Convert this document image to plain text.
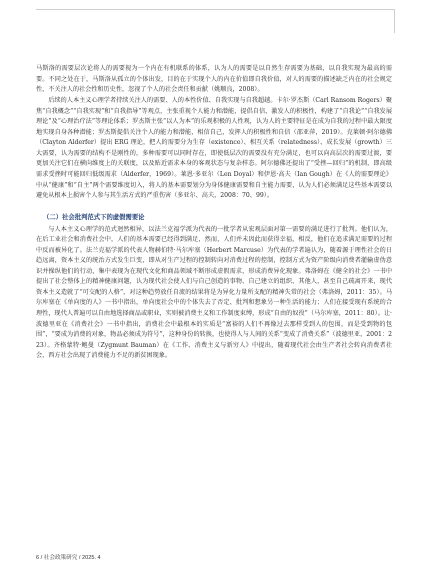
马斯洛的需要层次论将人的需要视为一个内在有机联系的体系，认为人的需要是以自然生存需要为基础，以自我实现为最高的需要。不同之处在于，马斯洛从孤立的个体出发，目的在于实现个人的内在价值即自我价值，对人的需要的描述缺乏内在的社会规定性，不关注人的社会性和历史性，忽视了个人的社会责任和贡献（姚顺良，2008）。

后续的人本主义心理学者持续关注人的需要、人的本性价值、自我实现与自我超越。卡尔·罗杰斯（Carl Ransom Rogers）聚焦“自我概念”“自我实现”和“自我指导”等观点，主张重视个人能力和潜能，提倡自信、激发人的积极性，构建了“自我论”“自我发展理论”及“心理治疗法”等理论体系；罗杰斯主张“以人为本”的乐观积极的人性观，认为人的主要特征是在成为自我的过程中最大限度地实现自身各种潜能；罗杰斯提倡关注个人的能力和潜能，相信自己，发挥人的积极性和自信（邵亚萍，2019）。克莱顿·阿尔德佛（Clayton Alderfer）提出 ERG 理论，把人的需要分为生存（existence）、相互关系（relatedness）、成长发展（growth）三大需要，认为需要的结构不是刚性的，多种需要可以同时存在，即使低层次的需要没有充分满足，也可以向高层次的需要过渡，要更加关注它们在横向维度上的关联度，以及贴近需求本身的客观状态与复杂样态。阿尔德佛还提出了“受挫—回归”的机制，即高级需求受挫时可能回归低级需求（Alderfer，1969）。莱恩·多亚尔（Len Doyal）和伊恩·高夫（Ian Gough）在《人的需要理论》中从“健康”和“自主”两个需要维度切入，将人的基本需要划分为身体健康需要和自主能力需要，认为人们必须满足这些基本需要以避免从根本上损害个人参与其生活方式的严重伤害（多亚尔、高夫，2008：70、99）。

（二）社会批判范式下的虚假需要论

与人本主义心理学的范式迥然相异，以法兰克福学派为代表的一批学者从宏观层面对第一需要的满足进行了批判。他们认为，在后工业社会和消费社会中，人们的基本需要已经得到满足，然而，人们并未因此而获得幸福，相反，他们在追求满足需要的过程中反而被异化了。法兰克福学派的代表人物赫伯特·马尔库塞（Herbert Marcuse）为代表的学者遍认为，随着源于理性社会的日趋远离，资本主义的统治方式发生巨变，即从对生产过程的控制转向对消费过程的控制，控制方式为资产阶级向消费者灌输虚伪意识并操纵他们的行动，集中表现为在现代文化和商品领域不断形成虚假需求，形成消费异化现象。弗洛姆在《健全的社会》一书中提出了社会整体上的精神健康问题，认为现代社会使人们与自己创造的事物、自己建立的组织、其他人，甚至自己疏离开来，现代资本主义造就了“可交配的人格”，对这种趋势放任自流的结果将是为异化力量所支配的精神失常的社会（弗洛姆，2011：35）。马尔库塞在《单向度的人》一书中指出，单向度社会中的个体失去了否定、批判和想象另一种生活的能力；人们在接受现有系统的合理性，现代人普遍可以自由地选择商品或职业，实则被消费主义和工作制度束缚，形成“自由的奴役”（马尔库塞，2011：80）。让·波德里亚在《消费社会》一书中指出，消费社会中最根本的实质是“富裕的人们不再像过去那样受到人的包围，而是受到物的包围”，“要成为消费的对象，物品必须成为符号”，这种身份的转换，也使得人与人间的关系“变成了消费关系”（波德里亚，2001：223）。齐格蒙特·鲍曼（Zygmunt Bauman）在《工作、消费主义与新穷人》中提出，随着现代社会由生产者社会转向消费者社会，西方社会出现了消费能力不足的新贫困现象。

6 / 社会政策研究 / 2025. 4
